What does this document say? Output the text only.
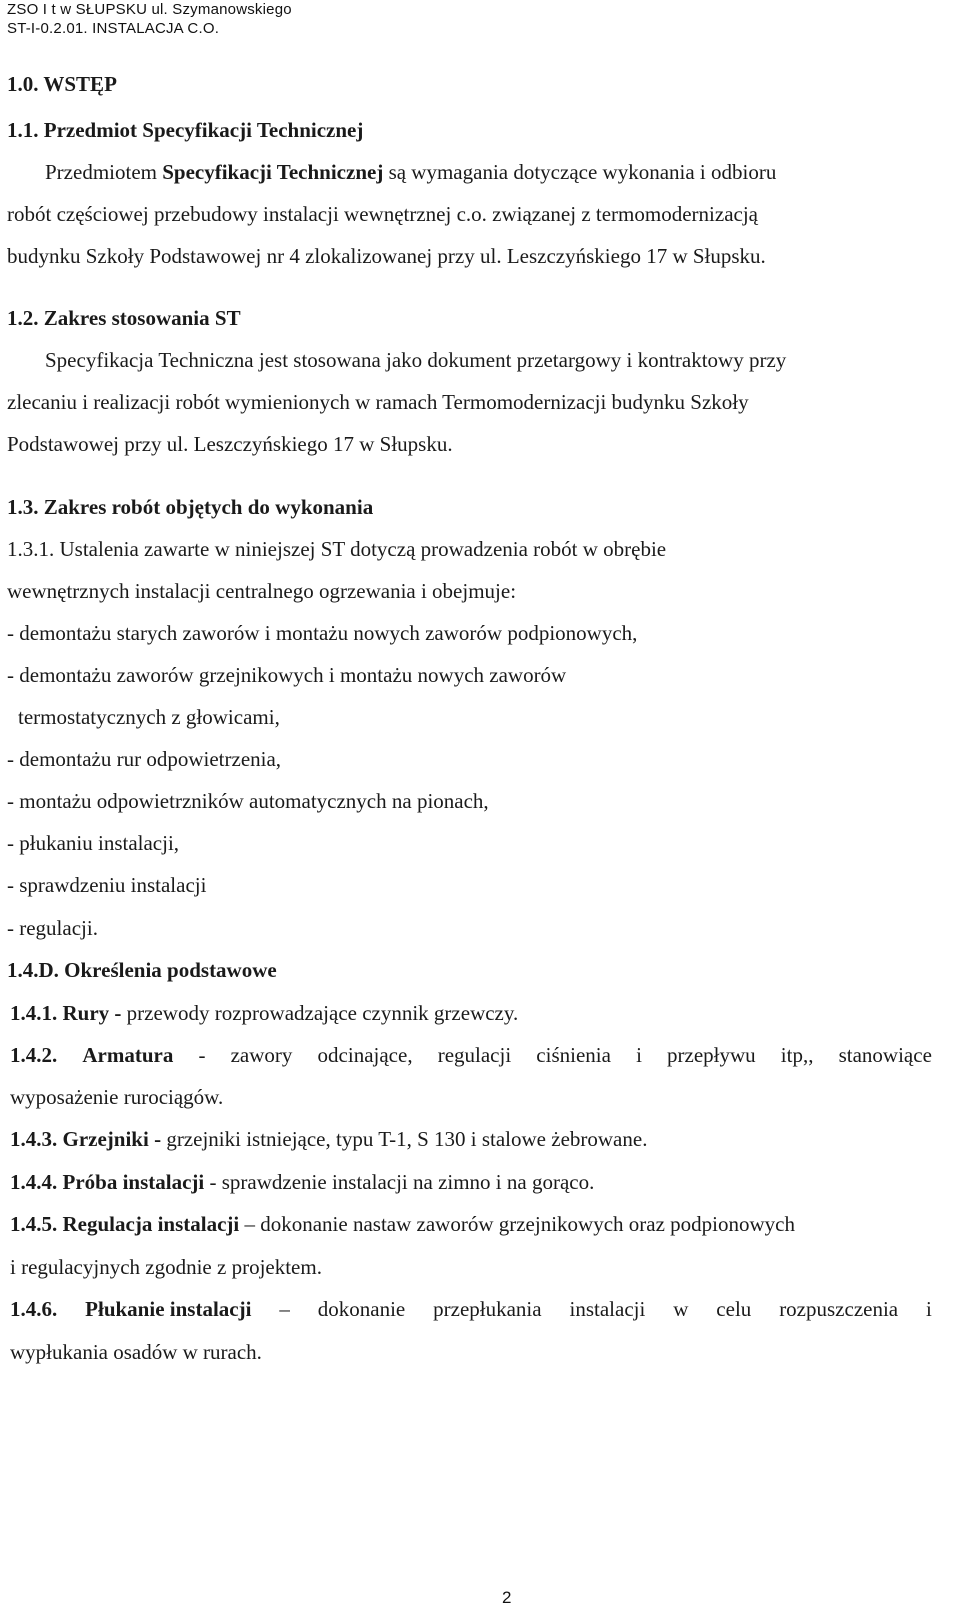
ZSO I t w SŁUPSKU ul. Szymanowskiego
ST-I-0.2.01. INSTALACJA C.O.
1.0. WSTĘP
1.1. Przedmiot Specyfikacji Technicznej
Przedmiotem Specyfikacji Technicznej są wymagania dotyczące wykonania i odbioru
robót częściowej przebudowy instalacji wewnętrznej c.o. związanej z termomodernizacją
budynku Szkoły Podstawowej nr 4 zlokalizowanej przy ul. Leszczyńskiego 17 w Słupsku.
1.2. Zakres stosowania ST
Specyfikacja Techniczna jest stosowana jako dokument przetargowy i kontraktowy przy
zlecaniu i realizacji robót wymienionych w ramach Termomodernizacji budynku Szkoły
Podstawowej przy ul. Leszczyńskiego 17 w Słupsku.
1.3. Zakres robót objętych do wykonania
1.3.1. Ustalenia zawarte w niniejszej ST dotyczą prowadzenia robót w obrębie
wewnętrznych instalacji centralnego ogrzewania i obejmuje:
- demontażu starych zaworów i montażu nowych zaworów podpionowych,
- demontażu zaworów grzejnikowych i montażu nowych zaworów
termostatycznych z głowicami,
- demontażu rur odpowietrzenia,
- montażu odpowietrzników automatycznych na pionach,
- płukaniu instalacji,
- sprawdzeniu instalacji
- regulacji.
1.4.D. Określenia podstawowe
1.4.1. Rury - przewody rozprowadzające czynnik grzewczy.
1.4.2. Armatura - zawory odcinające, regulacji ciśnienia i przepływu itp,, stanowiące
wyposażenie rurociągów.
1.4.3. Grzejniki - grzejniki istniejące, typu T-1, S 130 i stalowe żebrowane.
1.4.4. Próba instalacji - sprawdzenie instalacji na zimno i na gorąco.
1.4.5. Regulacja instalacji – dokonanie nastaw zaworów grzejnikowych oraz podpionowych
i regulacyjnych zgodnie z projektem.
1.4.6. Płukanie instalacji – dokonanie przepłukania instalacji w celu rozpuszczenia i
wypłukania osadów w rurach.
2
